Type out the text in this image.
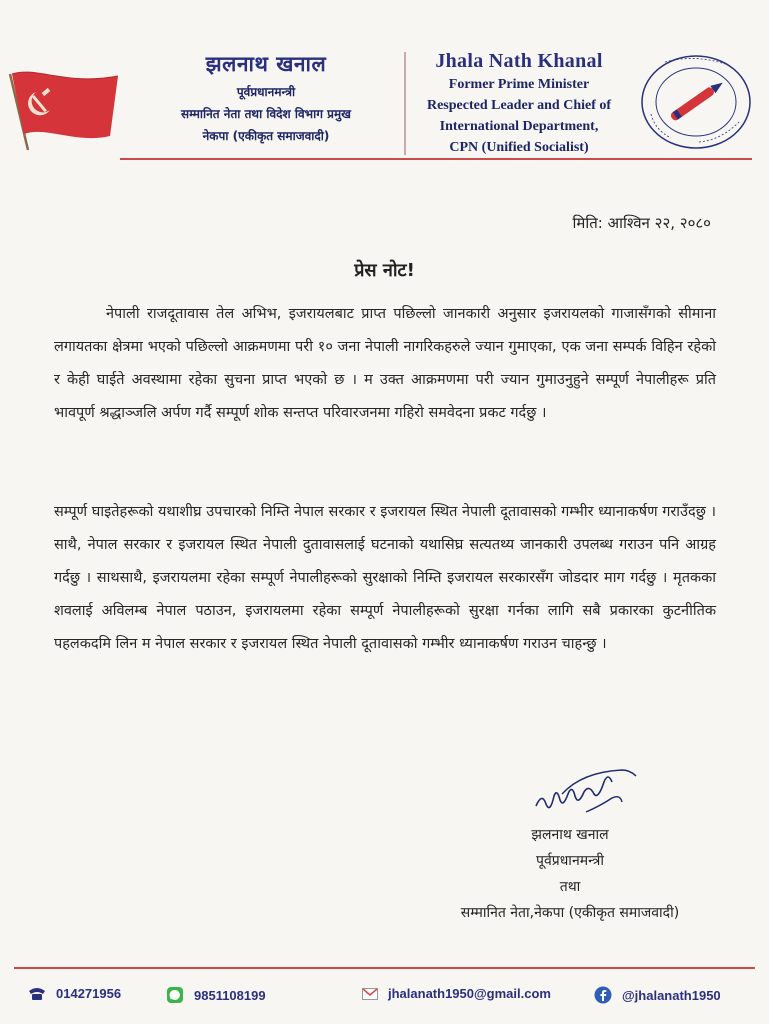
झलनाथ खनाल
पूर्वप्रधानमन्त्री
सम्मानित नेता तथा विदेश विभाग प्रमुख
नेकपा (एकीकृत समाजवादी)
Jhala Nath Khanal
Former Prime Minister
Respected Leader and Chief of
International Department,
CPN (Unified Socialist)
मिति: आश्विन २२, २०८०
प्रेस नोट!
नेपाली राजदूतावास तेल अभिभ, इजरायलबाट प्राप्त पछिल्लो जानकारी अनुसार इजरायलको गाजासँगको सीमाना लगायतका क्षेत्रमा भएको पछिल्लो आक्रमणमा परी १० जना नेपाली नागरिकहरुले ज्यान गुमाएका, एक जना सम्पर्क विहिन रहेको र केही घाईते अवस्थामा रहेका सुचना प्राप्त भएको छ । म उक्त आक्रमणमा परी ज्यान गुमाउनुहुने सम्पूर्ण नेपालीहरू प्रति भावपूर्ण श्रद्धाञ्जलि अर्पण गर्दै सम्पूर्ण शोक सन्तप्त परिवारजनमा गहिरो समवेदना प्रकट गर्दछु ।
सम्पूर्ण घाइतेहरूको यथाशीघ्र उपचारको निम्ति नेपाल सरकार र इजरायल स्थित नेपाली दूतावासको गम्भीर ध्यानाकर्षण गराउँदछु । साथै, नेपाल सरकार र इजरायल स्थित नेपाली दुतावासलाई घटनाको यथासिघ्र सत्यतथ्य जानकारी उपलब्ध गराउन पनि आग्रह गर्दछु । साथसाथै, इजरायलमा रहेका सम्पूर्ण नेपालीहरूको सुरक्षाको निम्ति इजरायल सरकारसँग जोडदार माग गर्दछु । मृतकका शवलाई अविलम्ब नेपाल पठाउन, इजरायलमा रहेका सम्पूर्ण नेपालीहरूको सुरक्षा गर्नका लागि सबै प्रकारका कुटनीतिक पहलकदमि लिन म नेपाल सरकार र इजरायल स्थित नेपाली दूतावासको गम्भीर ध्यानाकर्षण गराउन चाहन्छु ।
झलनाथ खनाल
पूर्वप्रधानमन्त्री
तथा
सम्मानित नेता,नेकपा (एकीकृत समाजवादी)
014271956	9851108199	jhalanath1950@gmail.com	@jhalanath1950
